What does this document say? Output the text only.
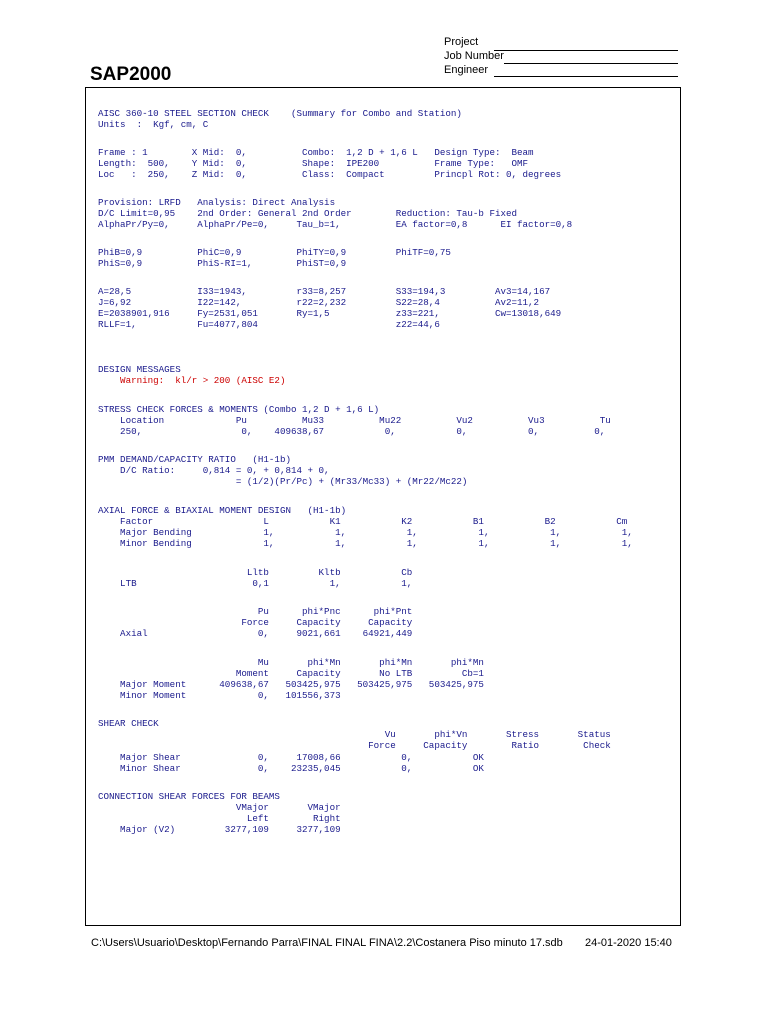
Project
Job Number
Engineer
SAP2000
AISC 360-10 STEEL SECTION CHECK    (Summary for Combo and Station)
Units  :  Kgf, cm, C
Frame : 1        X Mid:  0,          Combo:  1,2 D + 1,6 L   Design Type:  Beam
Length:  500,    Y Mid:  0,          Shape:  IPE200          Frame Type:   OMF
Loc   :  250,    Z Mid:  0,          Class:  Compact         Princpl Rot: 0, degrees
Provision: LRFD   Analysis: Direct Analysis
D/C Limit=0,95    2nd Order: General 2nd Order        Reduction: Tau-b Fixed
AlphaPr/Py=0,     AlphaPr/Pe=0,     Tau_b=1,          EA factor=0,8      EI factor=0,8
PhiB=0,9          PhiC=0,9          PhiTY=0,9         PhiTF=0,75
PhiS=0,9          PhiS-RI=1,        PhiST=0,9
A=28,5            I33=1943,         r33=8,257         S33=194,3         Av3=14,167
J=6,92            I22=142,          r22=2,232         S22=28,4          Av2=11,2
E=2038901,916     Fy=2531,051       Ry=1,5            z33=221,          Cw=13018,649
RLLF=1,           Fu=4077,804                         z22=44,6
DESIGN MESSAGES
Warning:  kl/r > 200 (AISC E2)
STRESS CHECK FORCES & MOMENTS (Combo 1,2 D + 1,6 L)
Location             Pu          Mu33          Mu22          Vu2          Vu3          Tu
250,                  0,    409638,67           0,           0,           0,          0,
PMM DEMAND/CAPACITY RATIO   (H1-1b)
D/C Ratio:     0,814 = 0, + 0,814 + 0,
= (1/2)(Pr/Pc) + (Mr33/Mc33) + (Mr22/Mc22)
AXIAL FORCE & BIAXIAL MOMENT DESIGN   (H1-1b)
Factor                    L           K1           K2           B1           B2           Cm
Major Bending             1,           1,           1,           1,           1,           1,
Minor Bending             1,           1,           1,           1,           1,           1,
Lltb         Kltb           Cb
LTB                     0,1           1,           1,
Pu      phi*Pnc      phi*Pnt
Force     Capacity     Capacity
Axial                    0,     9021,661    64921,449
Mu       phi*Mn       phi*Mn       phi*Mn
Moment     Capacity       No LTB         Cb=1
Major Moment      409638,67   503425,975   503425,975   503425,975
Minor Moment             0,   101556,373
SHEAR CHECK
Vu       phi*Vn       Stress       Status
Force     Capacity        Ratio        Check
Major Shear              0,     17008,66           0,           OK
Minor Shear              0,    23235,045           0,           OK
CONNECTION SHEAR FORCES FOR BEAMS
VMajor       VMajor
Left        Right
Major (V2)         3277,109     3277,109
C:\Users\Usuario\Desktop\Fernando Parra\FINAL FINAL FINA\2.2\Costanera Piso minuto 17.sdb 24-01-2020 15:40
